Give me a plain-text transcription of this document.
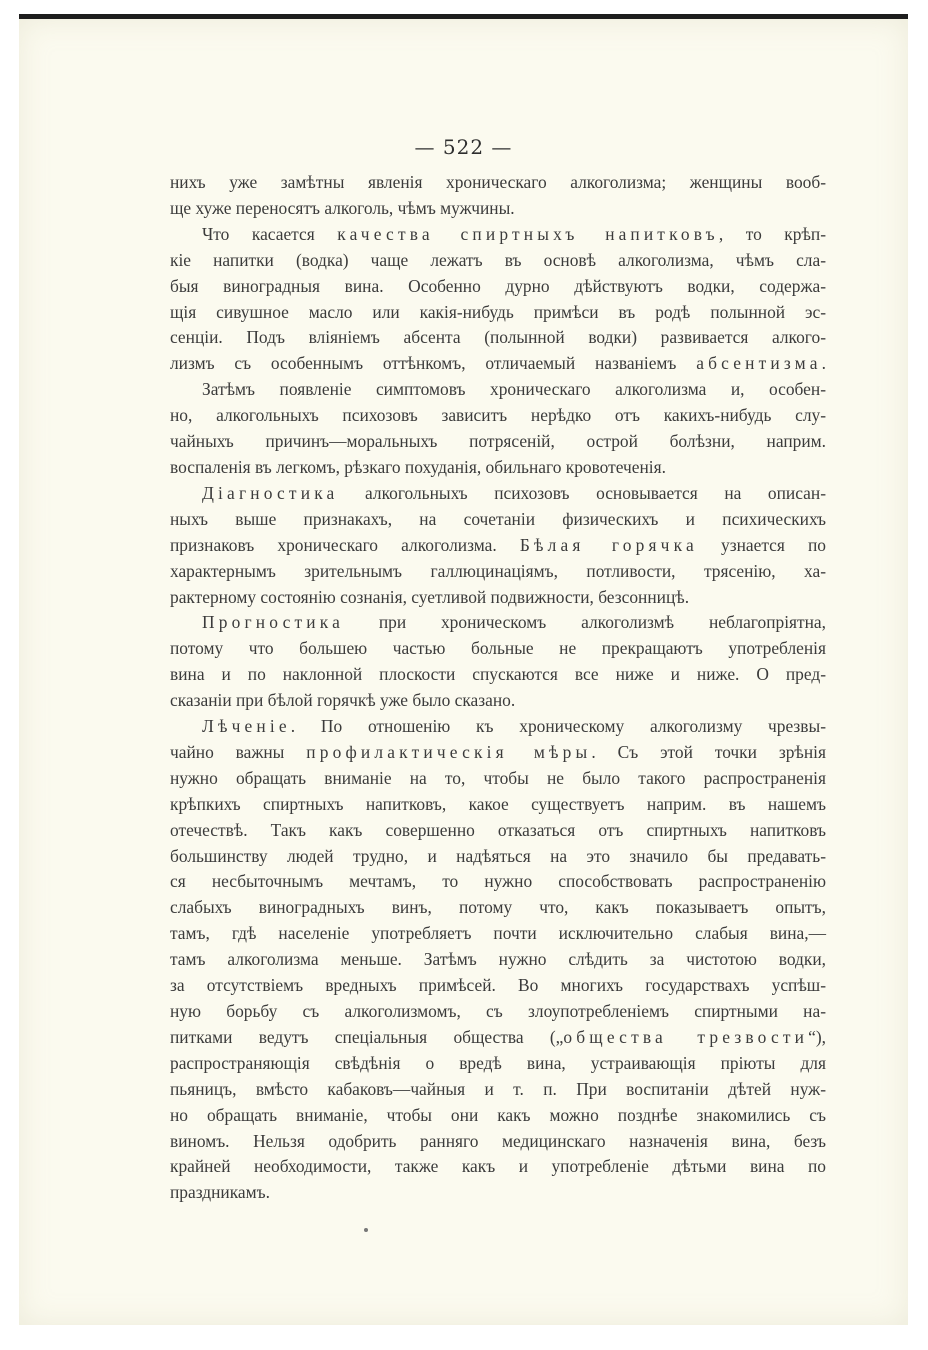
— 522 —
нихъ уже замѣтны явленія хроническаго алкоголизма; женщины вооб-
ще хуже переносятъ алкоголь, чѣмъ мужчины.
Что касается качества спиртныхъ напитковъ, то крѣп-
кіе напитки (водка) чаще лежатъ въ основѣ алкоголизма, чѣмъ сла-
быя виноградныя вина. Особенно дурно дѣйствуютъ водки, содержа-
щія сивушное масло или какія-нибудь примѣси въ родѣ полынной эс-
сенціи. Подъ вліяніемъ абсента (полынной водки) развивается алкого-
лизмъ съ особеннымъ оттѣнкомъ, отличаемый названіемъ абсентизма.
Затѣмъ появленіе симптомовъ хроническаго алкоголизма и, особен-
но, алкогольныхъ психозовъ зависитъ нерѣдко отъ какихъ-нибудь слу-
чайныхъ причинъ—моральныхъ потрясеній, острой болѣзни, наприм.
воспаленія въ легкомъ, рѣзкаго похуданія, обильнаго кровотеченія.
Діагностика алкогольныхъ психозовъ основывается на описан-
ныхъ выше признакахъ, на сочетаніи физическихъ и психическихъ
признаковъ хроническаго алкоголизма. Бѣлая горячка узнается по
характернымъ зрительнымъ галлюцинаціямъ, потливости, трясенію, ха-
рактерному состоянію сознанія, суетливой подвижности, безсонницѣ.
Прогностика при хроническомъ алкоголизмѣ неблагопріятна,
потому что большею частью больные не прекращаютъ употребленія
вина и по наклонной плоскости спускаются все ниже и ниже. О пред-
сказаніи при бѣлой горячкѣ уже было сказано.
Лѣченіе. По отношенію къ хроническому алкоголизму чрезвы-
чайно важны профилактическія мѣры. Съ этой точки зрѣнія
нужно обращать вниманіе на то, чтобы не было такого распространенія
крѣпкихъ спиртныхъ напитковъ, какое существуетъ наприм. въ нашемъ
отечествѣ. Такъ какъ совершенно отказаться отъ спиртныхъ напитковъ
большинству людей трудно, и надѣяться на это значило бы предавать-
ся несбыточнымъ мечтамъ, то нужно способствовать распространенію
слабыхъ виноградныхъ винъ, потому что, какъ показываетъ опытъ,
тамъ, гдѣ населеніе употребляетъ почти исключительно слабыя вина,—
тамъ алкоголизма меньше. Затѣмъ нужно слѣдить за чистотою водки,
за отсутствіемъ вредныхъ примѣсей. Во многихъ государствахъ успѣш-
ную борьбу съ алкоголизмомъ, съ злоупотребленіемъ спиртными на-
питками ведутъ спеціальныя общества („общества трезвости“),
распространяющія свѣдѣнія о вредѣ вина, устраивающія пріюты для
пьяницъ, вмѣсто кабаковъ—чайныя и т. п. При воспитаніи дѣтей нуж-
но обращать вниманіе, чтобы они какъ можно позднѣе знакомились съ
виномъ. Нельзя одобрить ранняго медицинскаго назначенія вина, безъ
крайней необходимости, также какъ и употребленіе дѣтьми вина по
праздникамъ.
